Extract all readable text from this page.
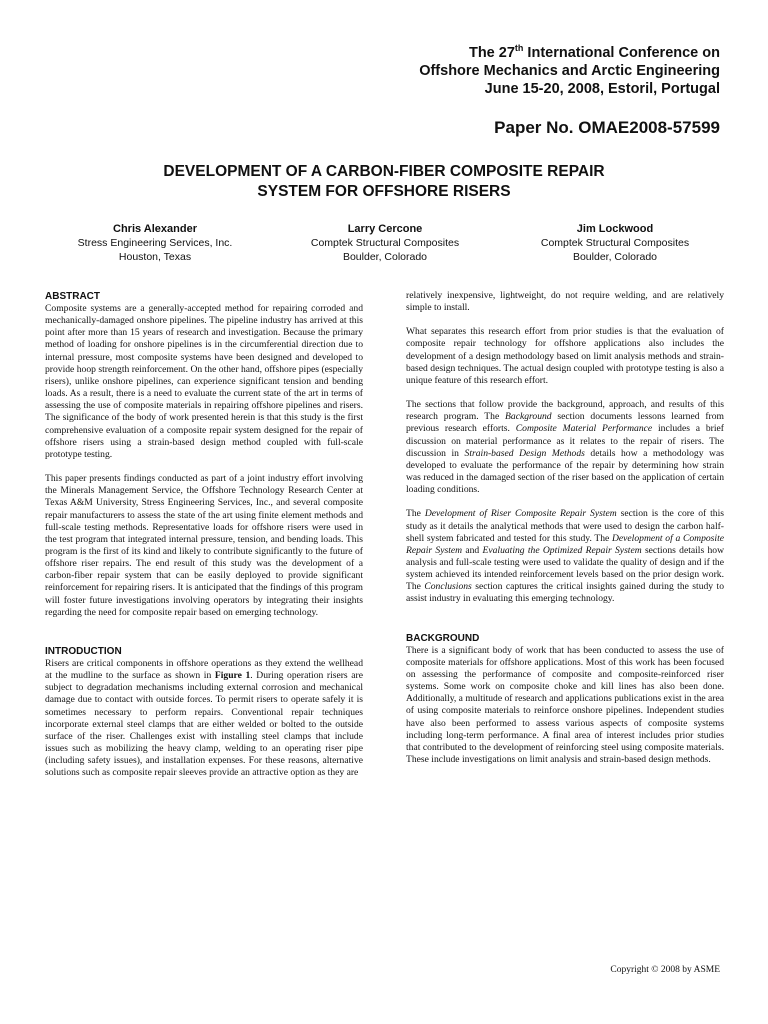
The 27th International Conference on
Offshore Mechanics and Arctic Engineering
June 15-20, 2008, Estoril, Portugal
Paper No. OMAE2008-57599
DEVELOPMENT OF A CARBON-FIBER COMPOSITE REPAIR
SYSTEM FOR OFFSHORE RISERS
Chris Alexander
Stress Engineering Services, Inc.
Houston, Texas
Larry Cercone
Comptek Structural Composites
Boulder, Colorado
Jim Lockwood
Comptek Structural Composites
Boulder, Colorado
ABSTRACT

Composite systems are a generally-accepted method for repairing corroded and mechanically-damaged onshore pipelines. The pipeline industry has arrived at this point after more than 15 years of research and investigation. Because the primary method of loading for onshore pipelines is in the circumferential direction due to internal pressure, most composite systems have been designed and developed to provide hoop strength reinforcement. On the other hand, offshore pipes (especially risers), unlike onshore pipelines, can experience significant tension and bending loads. As a result, there is a need to evaluate the current state of the art in terms of assessing the use of composite materials in repairing offshore pipelines and risers. The significance of the body of work presented herein is that this study is the first comprehensive evaluation of a composite repair system designed for the repair of offshore risers using a strain-based design method coupled with full-scale prototype testing.

This paper presents findings conducted as part of a joint industry effort involving the Minerals Management Service, the Offshore Technology Research Center at Texas A&M University, Stress Engineering Services, Inc., and several composite repair manufacturers to assess the state of the art using finite element methods and full-scale testing methods. Representative loads for offshore risers were used in the test program that integrated internal pressure, tension, and bending loads. This program is the first of its kind and likely to contribute significantly to the future of offshore riser repairs. The end result of this study was the development of a carbon-fiber repair system that can be easily deployed to provide significant reinforcement for repairing risers. It is anticipated that the findings of this program will foster future investigations involving operators by integrating their insights regarding the need for composite repair based on emerging technology.

INTRODUCTION

Risers are critical components in offshore operations as they extend the wellhead at the mudline to the surface as shown in Figure 1. During operation risers are subject to degradation mechanisms including external corrosion and mechanical damage due to contact with outside forces. To permit risers to operate safely it is sometimes necessary to perform repairs. Conventional repair techniques incorporate external steel clamps that are either welded or bolted to the outside surface of the riser. Challenges exist with installing steel clamps that include issues such as mobilizing the heavy clamp, welding to an operating riser pipe (including safety issues), and installation expenses. For these reasons, alternative solutions such as composite repair sleeves provide an attractive option as they are

relatively inexpensive, lightweight, do not require welding, and are relatively simple to install.

What separates this research effort from prior studies is that the evaluation of composite repair technology for offshore applications also includes the development of a design methodology based on limit analysis methods and strain-based design techniques. The actual design coupled with prototype testing is also a unique feature of this research effort.

The sections that follow provide the background, approach, and results of this research program. The Background section documents lessons learned from previous research efforts. Composite Material Performance includes a brief discussion on material performance as it relates to the repair of risers. The discussion in Strain-based Design Methods details how a methodology was developed to evaluate the performance of the repair by determining how strain was reduced in the damaged section of the riser based on the application of certain loading conditions.

The Development of Riser Composite Repair System section is the core of this study as it details the analytical methods that were used to design the carbon half-shell system fabricated and tested for this study. The Development of a Composite Repair System and Evaluating the Optimized Repair System sections details how analysis and full-scale testing were used to validate the quality of design and if the system achieved its intended reinforcement levels based on the prior design work. The Conclusions section captures the critical insights gained during the study to assist industry in evaluating this emerging technology.

BACKGROUND

There is a significant body of work that has been conducted to assess the use of composite materials for offshore applications. Most of this work has been focused on assessing the performance of composite and composite-reinforced riser systems. Some work on composite choke and kill lines has also been done. Additionally, a multitude of research and applications publications exist in the area of using composite materials to reinforce onshore pipelines. Independent studies have also been performed to assess various aspects of composite systems including long-term performance. A final area of interest includes prior studies that contributed to the development of reinforcing steel using composite materials. These include investigations on limit analysis and strain-based design methods.

Copyright © 2008 by ASME
